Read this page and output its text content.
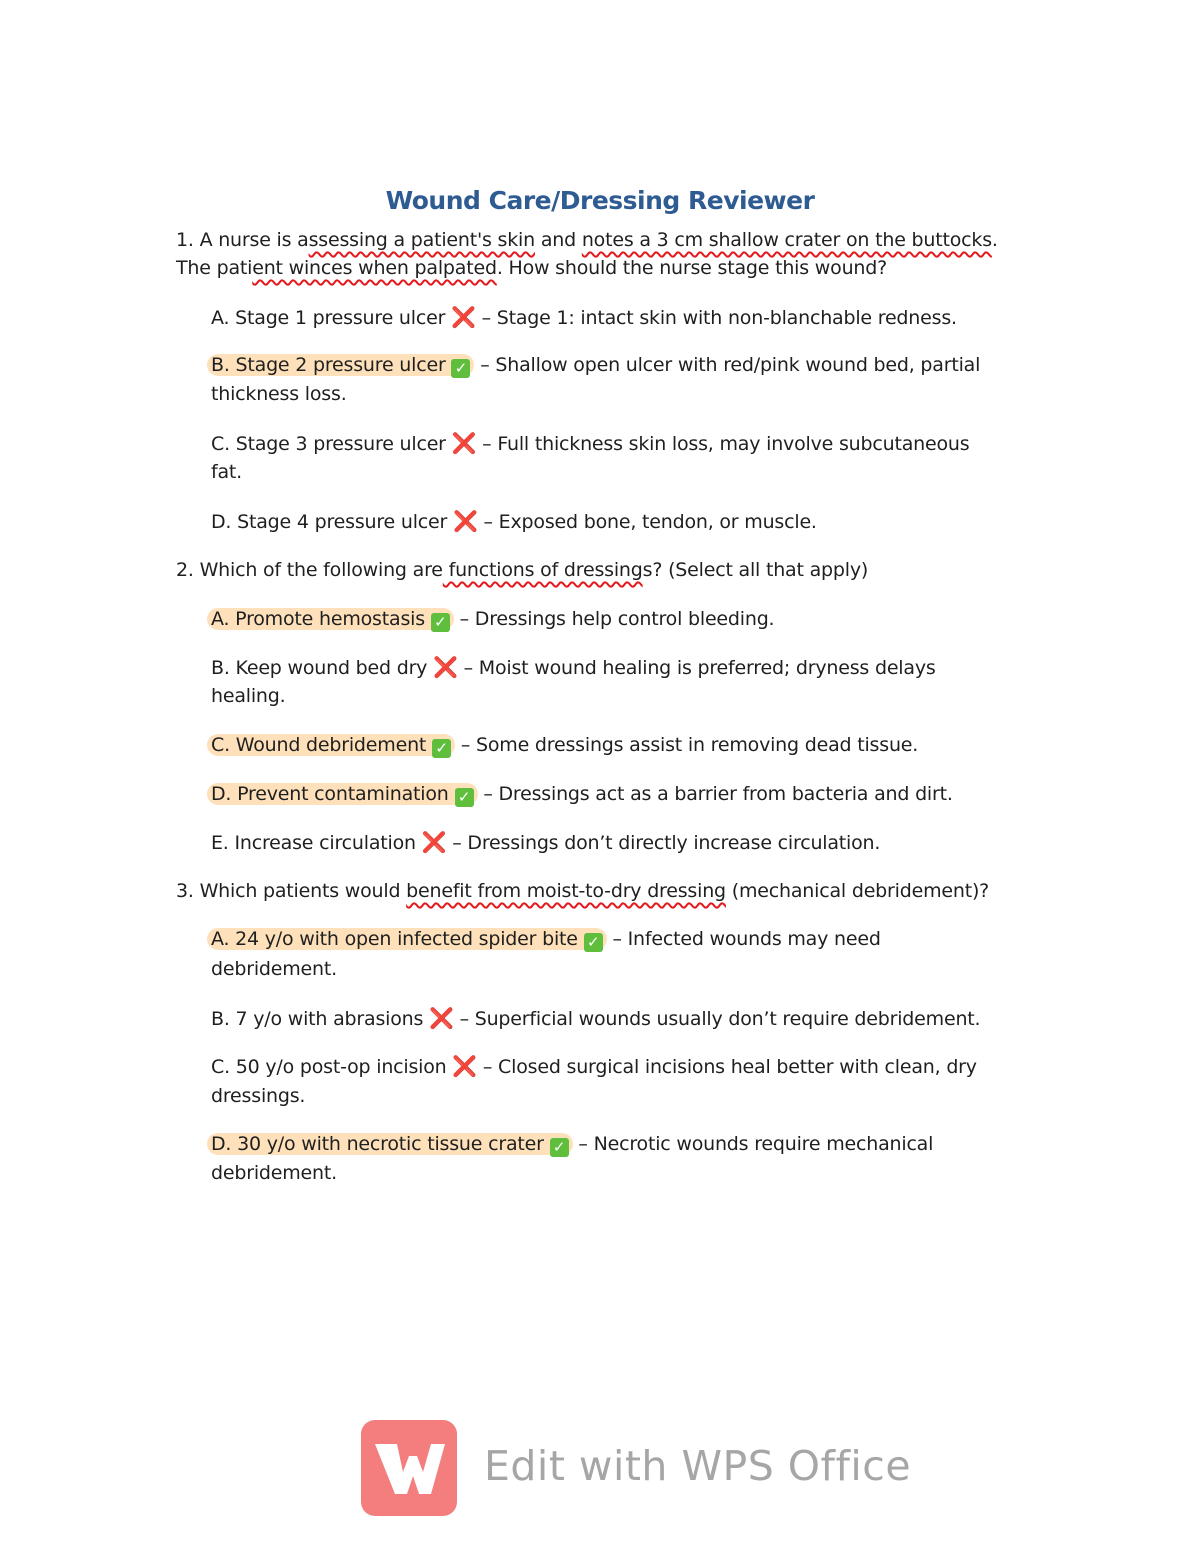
Wound Care/Dressing Reviewer
1. A nurse is assessing a patient's skin and notes a 3 cm shallow crater on the buttocks.
The patient winces when palpated. How should the nurse stage this wound?
A. Stage 1 pressure ulcer ❌ – Stage 1: intact skin with non-blanchable redness.
B. Stage 2 pressure ulcer ✓ – Shallow open ulcer with red/pink wound bed, partial
thickness loss.
C. Stage 3 pressure ulcer ❌ – Full thickness skin loss, may involve subcutaneous
fat.
D. Stage 4 pressure ulcer ❌ – Exposed bone, tendon, or muscle.
2. Which of the following are functions of dressings? (Select all that apply)
A. Promote hemostasis ✓ – Dressings help control bleeding.
B. Keep wound bed dry ❌ – Moist wound healing is preferred; dryness delays
healing.
C. Wound debridement ✓ – Some dressings assist in removing dead tissue.
D. Prevent contamination ✓ – Dressings act as a barrier from bacteria and dirt.
E. Increase circulation ❌ – Dressings don’t directly increase circulation.
3. Which patients would benefit from moist-to-dry dressing (mechanical debridement)?
A. 24 y/o with open infected spider bite ✓ – Infected wounds may need
debridement.
B. 7 y/o with abrasions ❌ – Superficial wounds usually don’t require debridement.
C. 50 y/o post-op incision ❌ – Closed surgical incisions heal better with clean, dry
dressings.
D. 30 y/o with necrotic tissue crater ✓ – Necrotic wounds require mechanical
debridement.
Edit with WPS Office
